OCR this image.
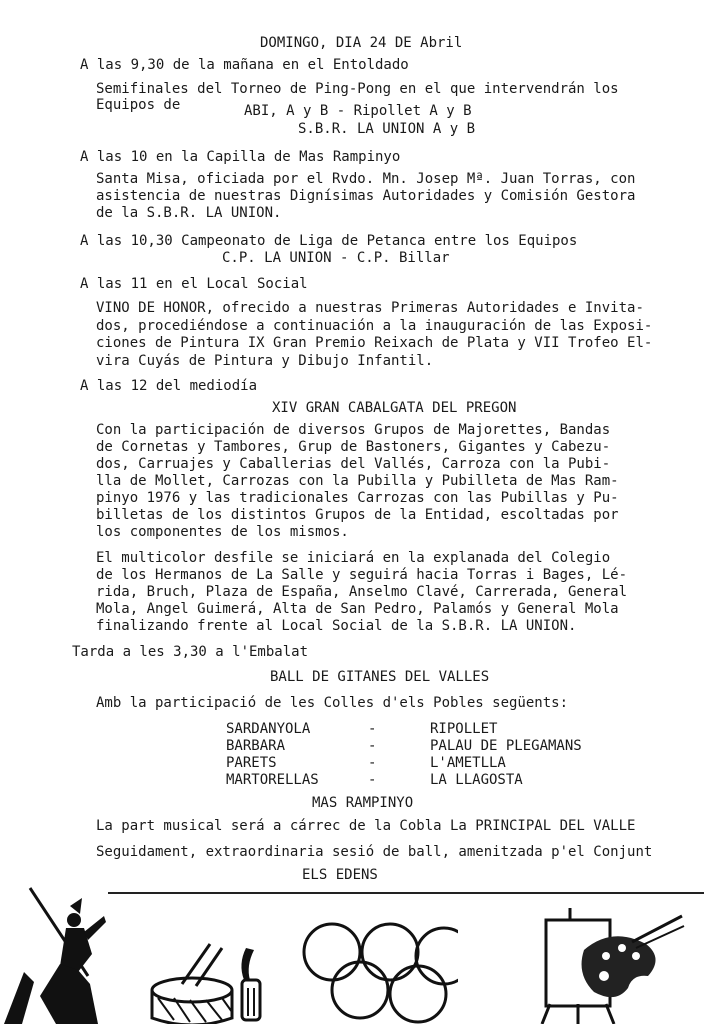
DOMINGO, DIA 24 DE Abril
A las 9,30 de la mañana en el Entoldado
Semifinales del Torneo de Ping-Pong en el que intervendrán los
Equipos de	ABI, A y B - Ripollet A y B
S.B.R. LA UNION A y B
A las 10 en la Capilla de Mas Rampinyo
Santa Misa, oficiada por el Rvdo. Mn. Josep Mª. Juan Torras, con
asistencia de nuestras Dignísimas Autoridades y Comisión Gestora
de la S.B.R. LA UNION.
A las 10,30 Campeonato de Liga de Petanca entre los Equipos
C.P. LA UNION - C.P. Billar
A las 11 en el Local Social
VINO DE HONOR, ofrecido a nuestras Primeras Autoridades e Invita-
dos, procediéndose a continuación a la inauguración de las Exposi-
ciones de Pintura IX Gran Premio Reixach de Plata y VII Trofeo El-
vira Cuyás de Pintura y Dibujo Infantil.
A las 12 del mediodía
XIV GRAN CABALGATA DEL PREGON
Con la participación de diversos Grupos de Majorettes, Bandas
de Cornetas y Tambores, Grup de Bastoners, Gigantes y Cabezu-
dos, Carruajes y Caballerias del Vallés, Carroza con la Pubi-
lla de Mollet, Carrozas con la Pubilla y Pubilleta de Mas Ram-
pinyo 1976 y las tradicionales Carrozas con las Pubillas y Pu-
billetas de los distintos Grupos de la Entidad, escoltadas por
los componentes de los mismos.
El multicolor desfile se iniciará en la explanada del Colegio
de los Hermanos de La Salle y seguirá hacia Torras i Bages, Lé-
rida, Bruch, Plaza de España, Anselmo Clavé, Carrerada, General
Mola, Angel Guimerá, Alta de San Pedro, Palamós y General Mola
finalizando frente al Local Social de la S.B.R. LA UNION.
Tarda a les 3,30 a l'Embalat
BALL DE GITANES DEL VALLES
Amb la participació de les Colles d'els Pobles següents:
SARDANYOLA	-	RIPOLLET
BARBARA	-	PALAU DE PLEGAMANS
PARETS	-	L'AMETLLA
MARTORELLAS	-	LA LLAGOSTA
MAS RAMPINYO
La part musical será a cárrec de la Cobla La PRINCIPAL DEL VALLE
Seguidament, extraordinaria sesió de ball, amenitzada p'el Conjunt
ELS EDENS
